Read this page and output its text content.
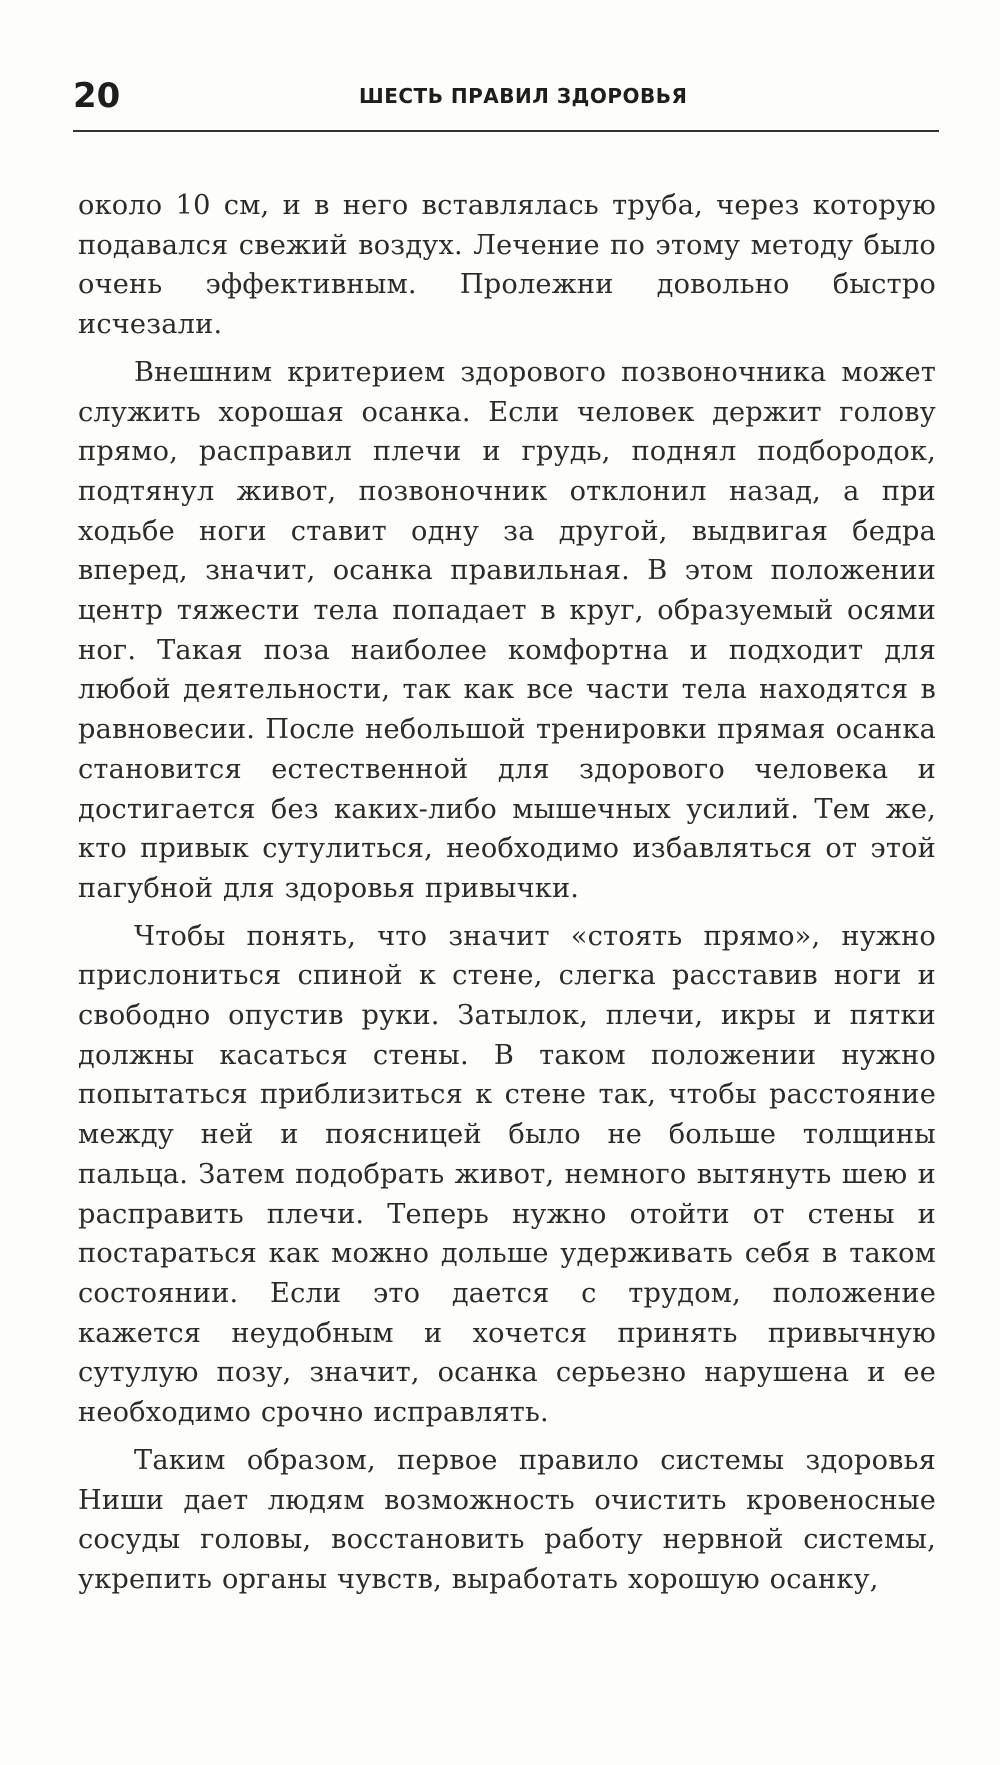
20	ШЕСТЬ ПРАВИЛ ЗДОРОВЬЯ

около 10 см, и в него вставлялась труба, через которую подавался свежий воздух. Лечение по этому методу было очень эффективным. Пролежни довольно быстро исчезали.

Внешним критерием здорового позвоночника может служить хорошая осанка. Если человек держит голову прямо, расправил плечи и грудь, поднял подбородок, подтянул живот, позвоночник отклонил назад, а при ходьбе ноги ставит одну за другой, выдвигая бедра вперед, значит, осанка правильная. В этом положении центр тяжести тела попадает в круг, образуемый осями ног. Такая поза наиболее комфортна и подходит для любой деятельности, так как все части тела находятся в равновесии. После небольшой тренировки прямая осанка становится естественной для здорового человека и достигается без каких-либо мышечных усилий. Тем же, кто привык сутулиться, необходимо избавляться от этой пагубной для здоровья привычки.

Чтобы понять, что значит «стоять прямо», нужно прислониться спиной к стене, слегка расставив ноги и свободно опустив руки. Затылок, плечи, икры и пятки должны касаться стены. В таком положении нужно попытаться приблизиться к стене так, чтобы расстояние между ней и поясницей было не больше толщины пальца. Затем подобрать живот, немного вытянуть шею и расправить плечи. Теперь нужно отойти от стены и постараться как можно дольше удерживать себя в таком состоянии. Если это дается с трудом, положение кажется неудобным и хочется принять привычную сутулую позу, значит, осанка серьезно нарушена и ее необходимо срочно исправлять.

Таким образом, первое правило системы здоровья Ниши дает людям возможность очистить кровеносные сосуды головы, восстановить работу нервной системы, укрепить органы чувств, выработать хорошую осанку,
